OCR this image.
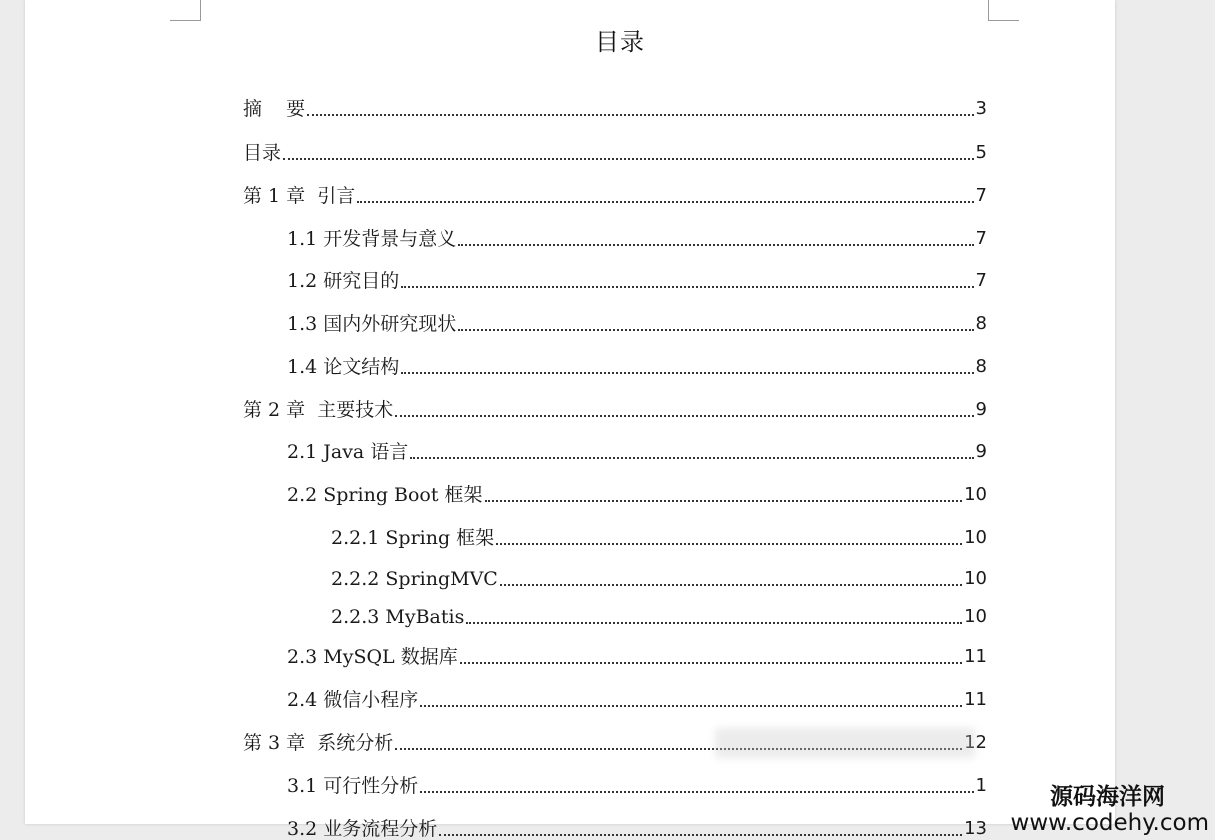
目录
摘    要	3
目录	5
第 1 章  引言	7
1.1 开发背景与意义	7
1.2 研究目的	7
1.3 国内外研究现状	8
1.4 论文结构	8
第 2 章  主要技术	9
2.1 Java 语言	9
2.2 Spring Boot 框架	10
2.2.1 Spring 框架	10
2.2.2 SpringMVC	10
2.2.3 MyBatis	10
2.3 MySQL 数据库	11
2.4 微信小程序	11
第 3 章  系统分析	12
3.1 可行性分析	1
3.2 业务流程分析	13
源码海洋网
www.codehy.com
